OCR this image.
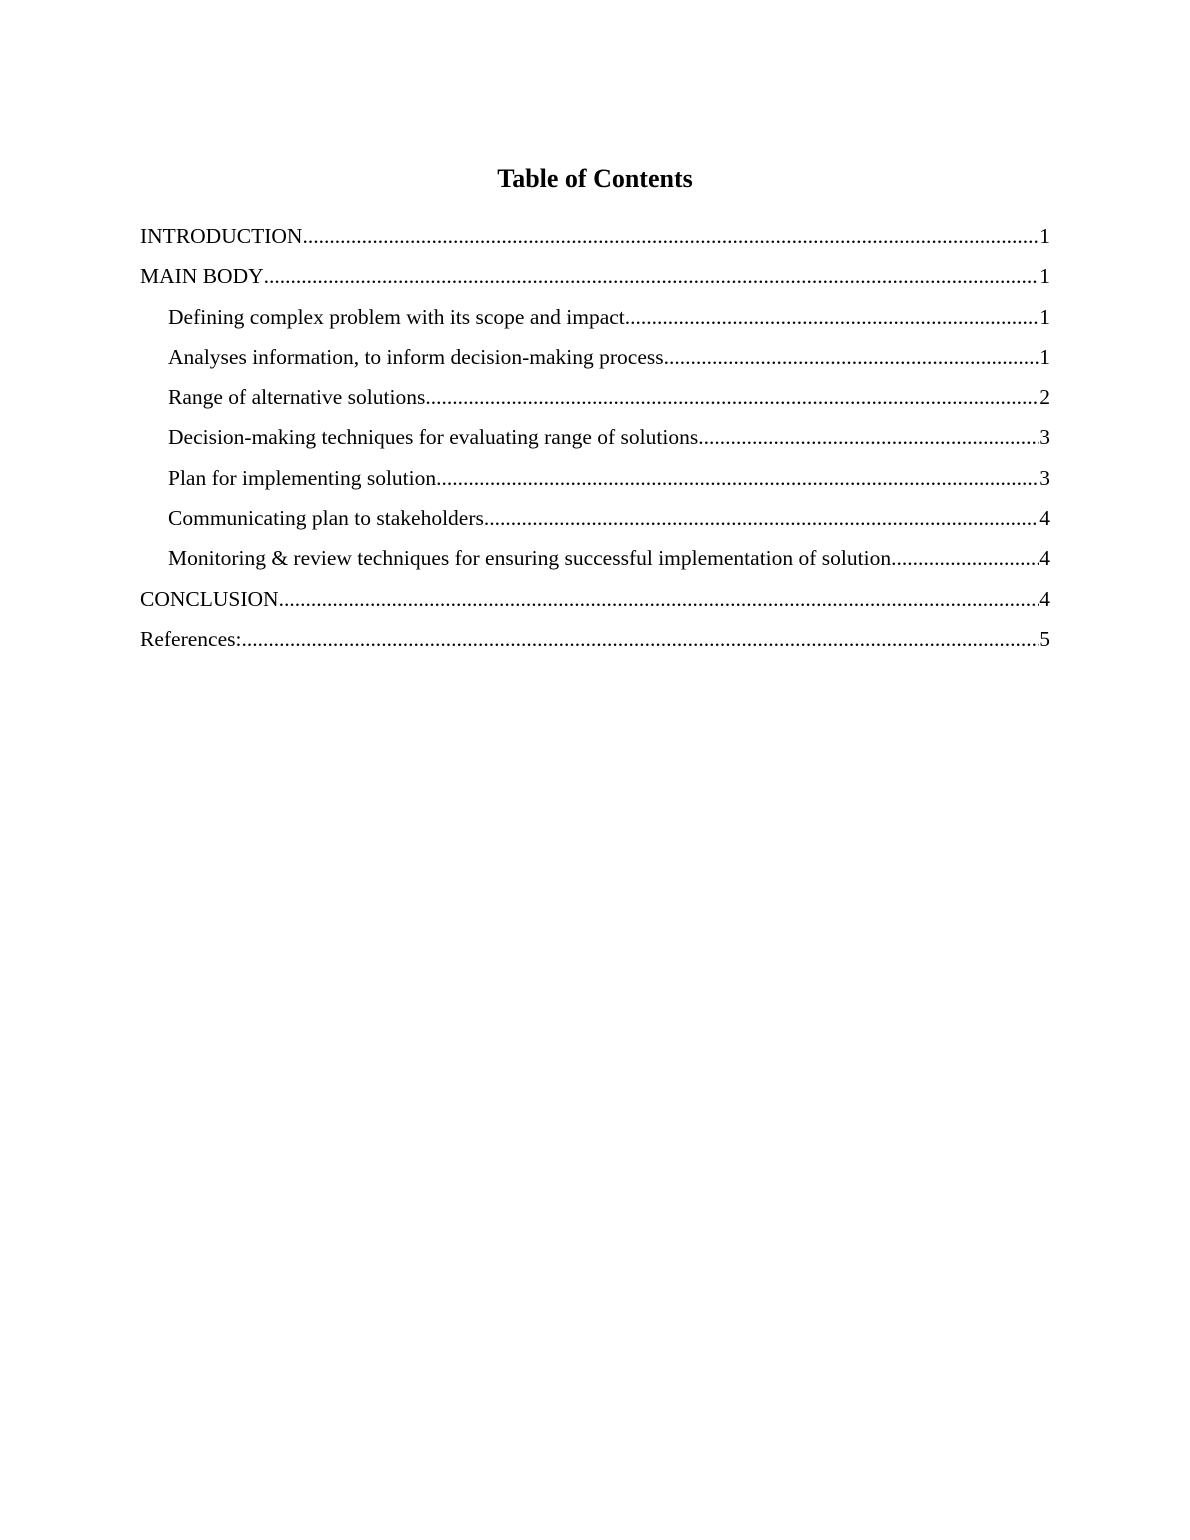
Table of Contents
INTRODUCTION .....	1
MAIN BODY .....	1
Defining complex problem with its scope and impact .....	1
Analyses information, to inform decision-making process .....	1
Range of alternative solutions .....	2
Decision-making techniques for evaluating range of solutions .....	3
Plan for implementing solution .....	3
Communicating plan to stakeholders .....	4
Monitoring & review techniques for ensuring successful implementation of solution .....	4
CONCLUSION .....	4
References: .....	5
